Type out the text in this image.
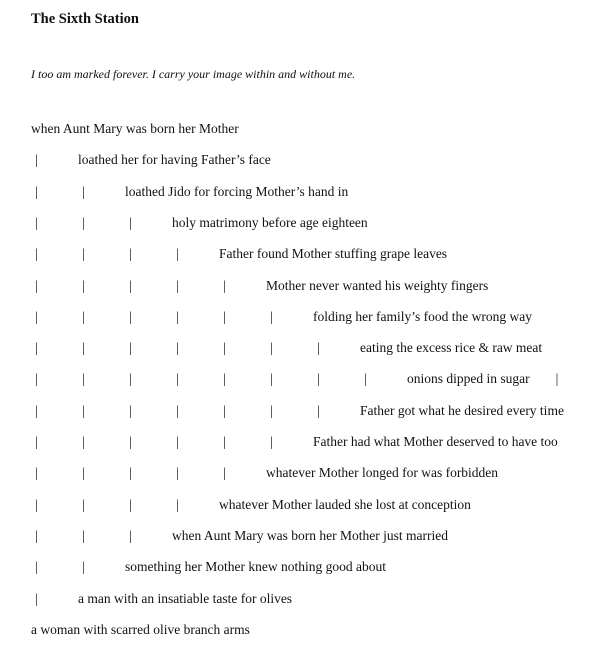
The Sixth Station
I too am marked forever. I carry your image within and without me.
when Aunt Mary was born her Mother
|	loathed her for having Father’s face
|	|	loathed Jido for forcing Mother’s hand in
|	|	|	holy matrimony before age eighteen
|	|	|	|	Father found Mother stuffing grape leaves
|	|	|	|	|	Mother never wanted his weighty fingers
|	|	|	|	|	|	folding her family’s food the wrong way
|	|	|	|	|	|	|	eating the excess rice & raw meat
|	|	|	|	|	|	|	|	onions dipped in sugar |
|	|	|	|	|	|	|	Father got what he desired every time
|	|	|	|	|	|	Father had what Mother deserved to have too
|	|	|	|	|	whatever Mother longed for was forbidden
|	|	|	|	whatever Mother lauded she lost at conception
|	|	|	when Aunt Mary was born her Mother just married
|	|	something her Mother knew nothing good about
|	a man with an insatiable taste for olives
a woman with scarred olive branch arms
